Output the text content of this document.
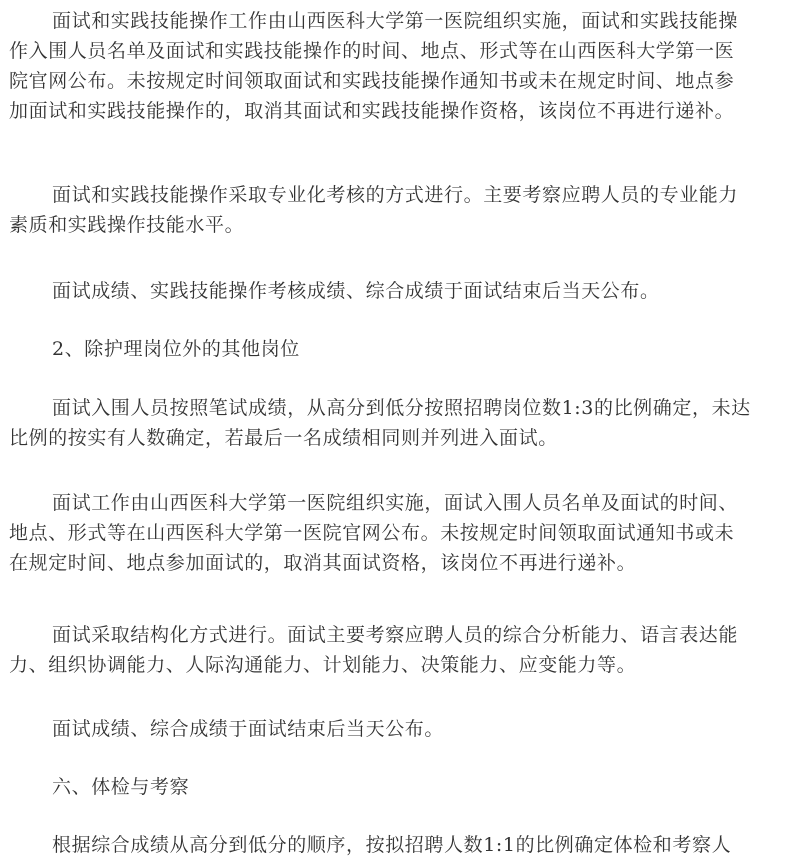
面试和实践技能操作工作由山西医科大学第一医院组织实施，面试和实践技能操
作入围人员名单及面试和实践技能操作的时间、地点、形式等在山西医科大学第一医
院官网公布。未按规定时间领取面试和实践技能操作通知书或未在规定时间、地点参
加面试和实践技能操作的，取消其面试和实践技能操作资格，该岗位不再进行递补。

面试和实践技能操作采取专业化考核的方式进行。主要考察应聘人员的专业能力
素质和实践操作技能水平。

面试成绩、实践技能操作考核成绩、综合成绩于面试结束后当天公布。

2、除护理岗位外的其他岗位

面试入围人员按照笔试成绩，从高分到低分按照招聘岗位数1:3的比例确定，未达
比例的按实有人数确定，若最后一名成绩相同则并列进入面试。

面试工作由山西医科大学第一医院组织实施，面试入围人员名单及面试的时间、
地点、形式等在山西医科大学第一医院官网公布。未按规定时间领取面试通知书或未
在规定时间、地点参加面试的，取消其面试资格，该岗位不再进行递补。

面试采取结构化方式进行。面试主要考察应聘人员的综合分析能力、语言表达能
力、组织协调能力、人际沟通能力、计划能力、决策能力、应变能力等。

面试成绩、综合成绩于面试结束后当天公布。

六、体检与考察

根据综合成绩从高分到低分的顺序，按拟招聘人数1:1的比例确定体检和考察人
